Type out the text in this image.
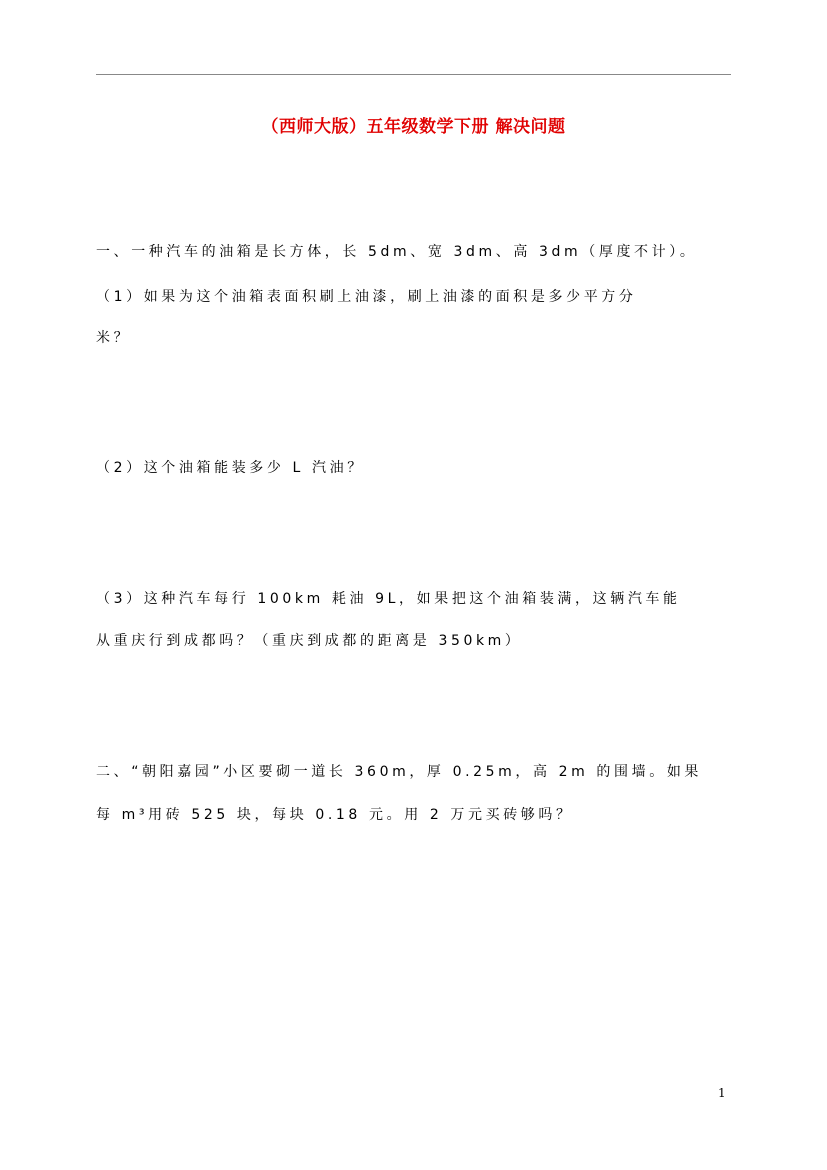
（西师大版）五年级数学下册 解决问题
一、一种汽车的油箱是长方体，长 5dm、宽 3dm、高 3dm（厚度不计）。
（1）如果为这个油箱表面积刷上油漆，刷上油漆的面积是多少平方分
米？
（2）这个油箱能装多少 L 汽油？
（3）这种汽车每行 100km 耗油 9L，如果把这个油箱装满，这辆汽车能
从重庆行到成都吗？（重庆到成都的距离是 350km）
二、“朝阳嘉园”小区要砌一道长 360m，厚 0.25m，高 2m 的围墙。如果
每 m³用砖 525 块，每块 0.18 元。用 2 万元买砖够吗？
1
